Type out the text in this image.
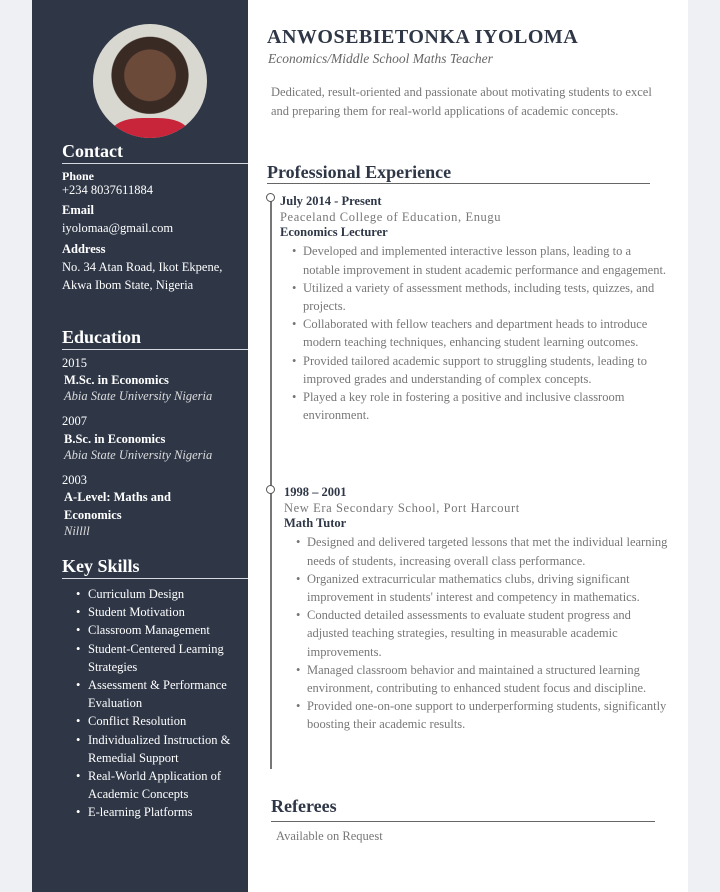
Contact
Phone
+234 8037611884
Email
iyolomaa@gmail.com
Address
No. 34 Atan Road, Ikot Ekpene, Akwa Ibom State, Nigeria
Education
2015
M.Sc. in Economics
Abia State University Nigeria
2007
B.Sc. in Economics
Abia State University Nigeria
2003
A-Level: Maths and Economics
Nillll
Key Skills
• Curriculum Design
• Student Motivation
• Classroom Management
• Student-Centered Learning Strategies
• Assessment & Performance Evaluation
• Conflict Resolution
• Individualized Instruction & Remedial Support
• Real-World Application of Academic Concepts
• E-learning Platforms
ANWOSEBIETONKA IYOLOMA
Economics/Middle School Maths Teacher
Dedicated, result-oriented and passionate about motivating students to excel and preparing them for real-world applications of academic concepts.
Professional Experience
July 2014 - Present
Peaceland College of Education, Enugu
Economics Lecturer
• Developed and implemented interactive lesson plans, leading to a notable improvement in student academic performance and engagement.
• Utilized a variety of assessment methods, including tests, quizzes, and projects.
• Collaborated with fellow teachers and department heads to introduce modern teaching techniques, enhancing student learning outcomes.
• Provided tailored academic support to struggling students, leading to improved grades and understanding of complex concepts.
• Played a key role in fostering a positive and inclusive classroom environment.
1998 – 2001
New Era Secondary School, Port Harcourt
Math Tutor
• Designed and delivered targeted lessons that met the individual learning needs of students, increasing overall class performance.
• Organized extracurricular mathematics clubs, driving significant improvement in students' interest and competency in mathematics.
• Conducted detailed assessments to evaluate student progress and adjusted teaching strategies, resulting in measurable academic improvements.
• Managed classroom behavior and maintained a structured learning environment, contributing to enhanced student focus and discipline.
• Provided one-on-one support to underperforming students, significantly boosting their academic results.
Referees
Available on Request
